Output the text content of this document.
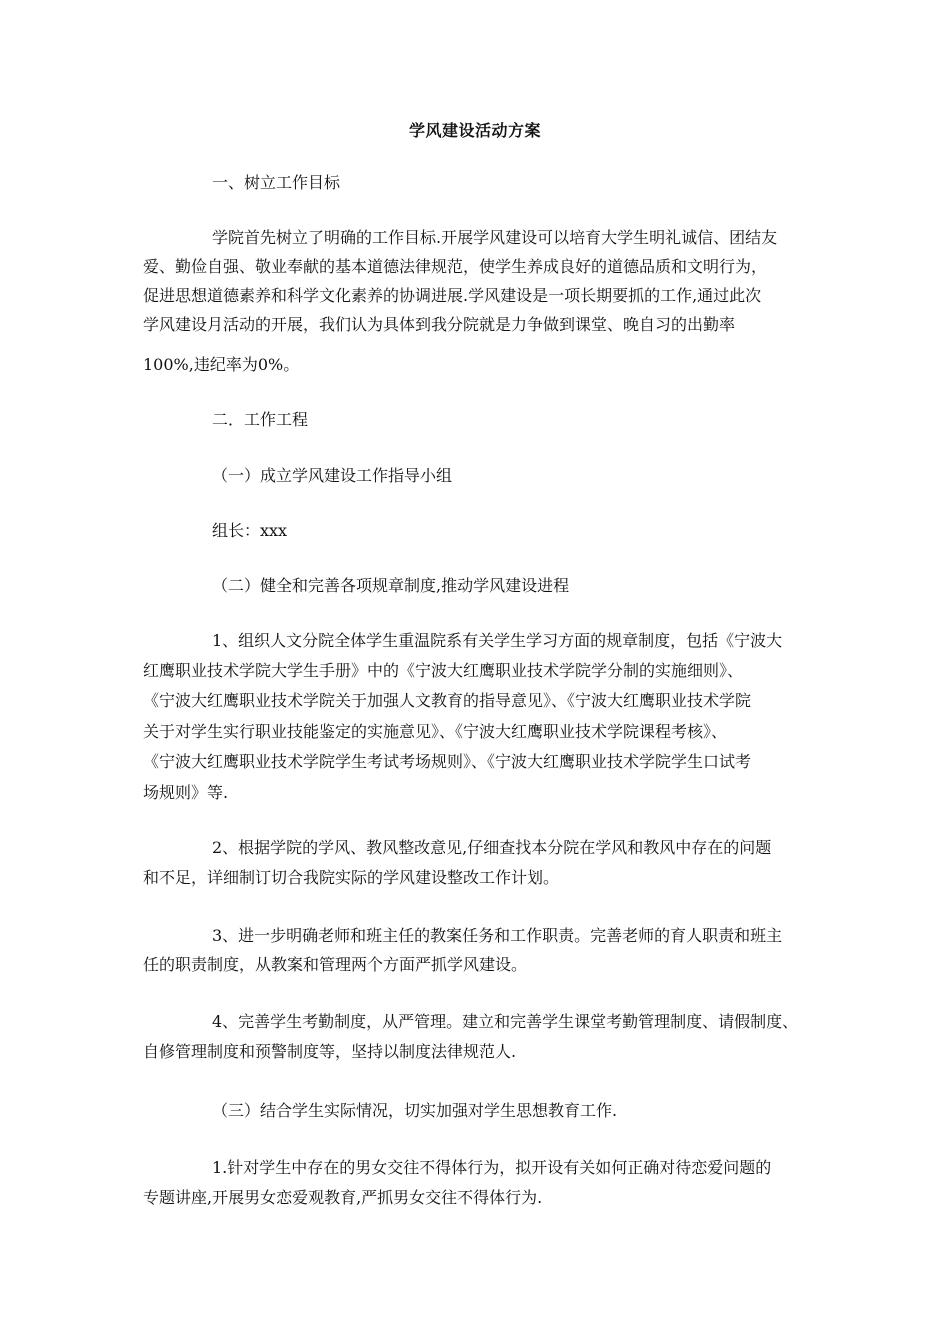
学风建设活动方案
一、树立工作目标
学院首先树立了明确的工作目标.开展学风建设可以培育大学生明礼诚信、团结友
爱、勤俭自强、敬业奉献的基本道德法律规范，使学生养成良好的道德品质和文明行为，
促进思想道德素养和科学文化素养的协调进展.学风建设是一项长期要抓的工作,通过此次
学风建设月活动的开展，我们认为具体到我分院就是力争做到课堂、晚自习的出勤率
100%,违纪率为0%。
二．工作工程
（一）成立学风建设工作指导小组
组长：xxx
（二）健全和完善各项规章制度,推动学风建设进程
1、组织人文分院全体学生重温院系有关学生学习方面的规章制度，包括《宁波大
红鹰职业技术学院大学生手册》中的《宁波大红鹰职业技术学院学分制的实施细则》、
《宁波大红鹰职业技术学院关于加强人文教育的指导意见》、《宁波大红鹰职业技术学院
关于对学生实行职业技能鉴定的实施意见》、《宁波大红鹰职业技术学院课程考核》、
《宁波大红鹰职业技术学院学生考试考场规则》、《宁波大红鹰职业技术学院学生口试考
场规则》等.
2、根据学院的学风、教风整改意见,仔细查找本分院在学风和教风中存在的问题
和不足，详细制订切合我院实际的学风建设整改工作计划。
3、进一步明确老师和班主任的教案任务和工作职责。完善老师的育人职责和班主
任的职责制度，从教案和管理两个方面严抓学风建设。
4、完善学生考勤制度，从严管理。建立和完善学生课堂考勤管理制度、请假制度、
自修管理制度和预警制度等，坚持以制度法律规范人.
（三）结合学生实际情况，切实加强对学生思想教育工作.
1.针对学生中存在的男女交往不得体行为，拟开设有关如何正确对待恋爱问题的
专题讲座,开展男女恋爱观教育,严抓男女交往不得体行为.
